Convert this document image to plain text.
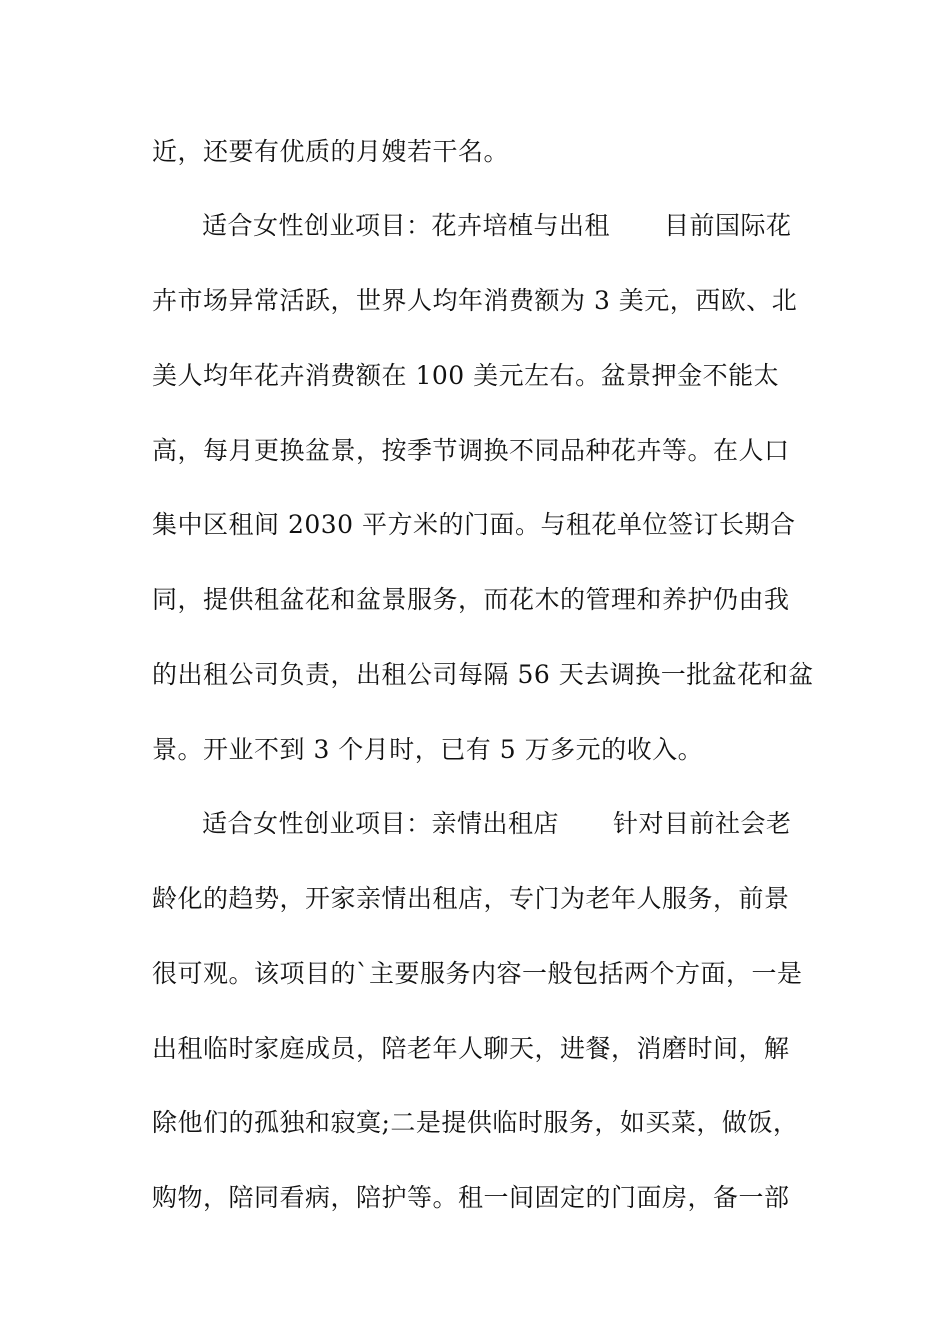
近，还要有优质的月嫂若干名。
适合女性创业项目：花卉培植与出租 目前国际花
卉市场异常活跃，世界人均年消费额为 3 美元，西欧、北
美人均年花卉消费额在 100 美元左右。盆景押金不能太
高，每月更换盆景，按季节调换不同品种花卉等。在人口
集中区租间 2030 平方米的门面。与租花单位签订长期合
同，提供租盆花和盆景服务，而花木的管理和养护仍由我
的出租公司负责，出租公司每隔 56 天去调换一批盆花和盆
景。开业不到 3 个月时，已有 5 万多元的收入。
适合女性创业项目：亲情出租店 针对目前社会老
龄化的趋势，开家亲情出租店，专门为老年人服务，前景
很可观。该项目的`主要服务内容一般包括两个方面，一是
出租临时家庭成员，陪老年人聊天，进餐，消磨时间，解
除他们的孤独和寂寞;二是提供临时服务，如买菜，做饭，
购物，陪同看病，陪护等。租一间固定的门面房，备一部
